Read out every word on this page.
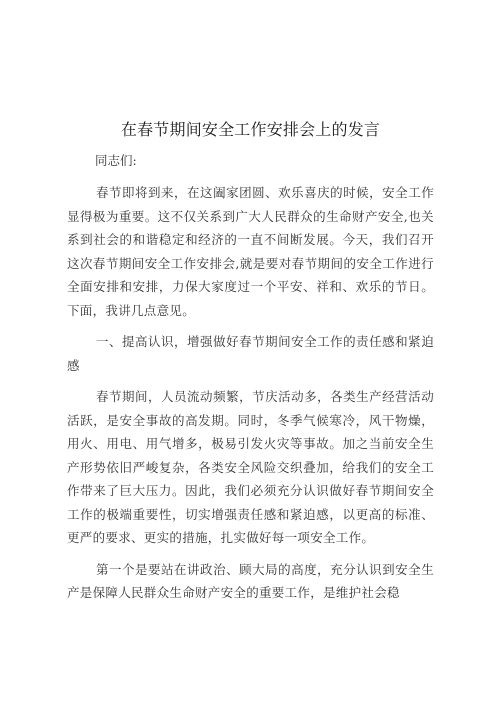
在春节期间安全工作安排会上的发言

同志们:

春节即将到来，在这阖家团圆、欢乐喜庆的时候，安全工作显得极为重要。这不仅关系到广大人民群众的生命财产安全,也关系到社会的和谐稳定和经济的一直不间断发展。今天，我们召开这次春节期间安全工作安排会,就是要对春节期间的安全工作进行全面安排和安排，力保大家度过一个平安、祥和、欢乐的节日。下面，我讲几点意见。

一、提高认识，增强做好春节期间安全工作的责任感和紧迫感

春节期间，人员流动频繁，节庆活动多，各类生产经营活动活跃，是安全事故的高发期。同时，冬季气候寒冷，风干物燥，用火、用电、用气增多，极易引发火灾等事故。加之当前安全生产形势依旧严峻复杂，各类安全风险交织叠加，给我们的安全工作带来了巨大压力。因此，我们必须充分认识做好春节期间安全工作的极端重要性，切实增强责任感和紧迫感，以更高的标准、更严的要求、更实的措施，扎实做好每一项安全工作。

第一个是要站在讲政治、顾大局的高度，充分认识到安全生产是保障人民群众生命财产安全的重要工作，是维护社会稳
